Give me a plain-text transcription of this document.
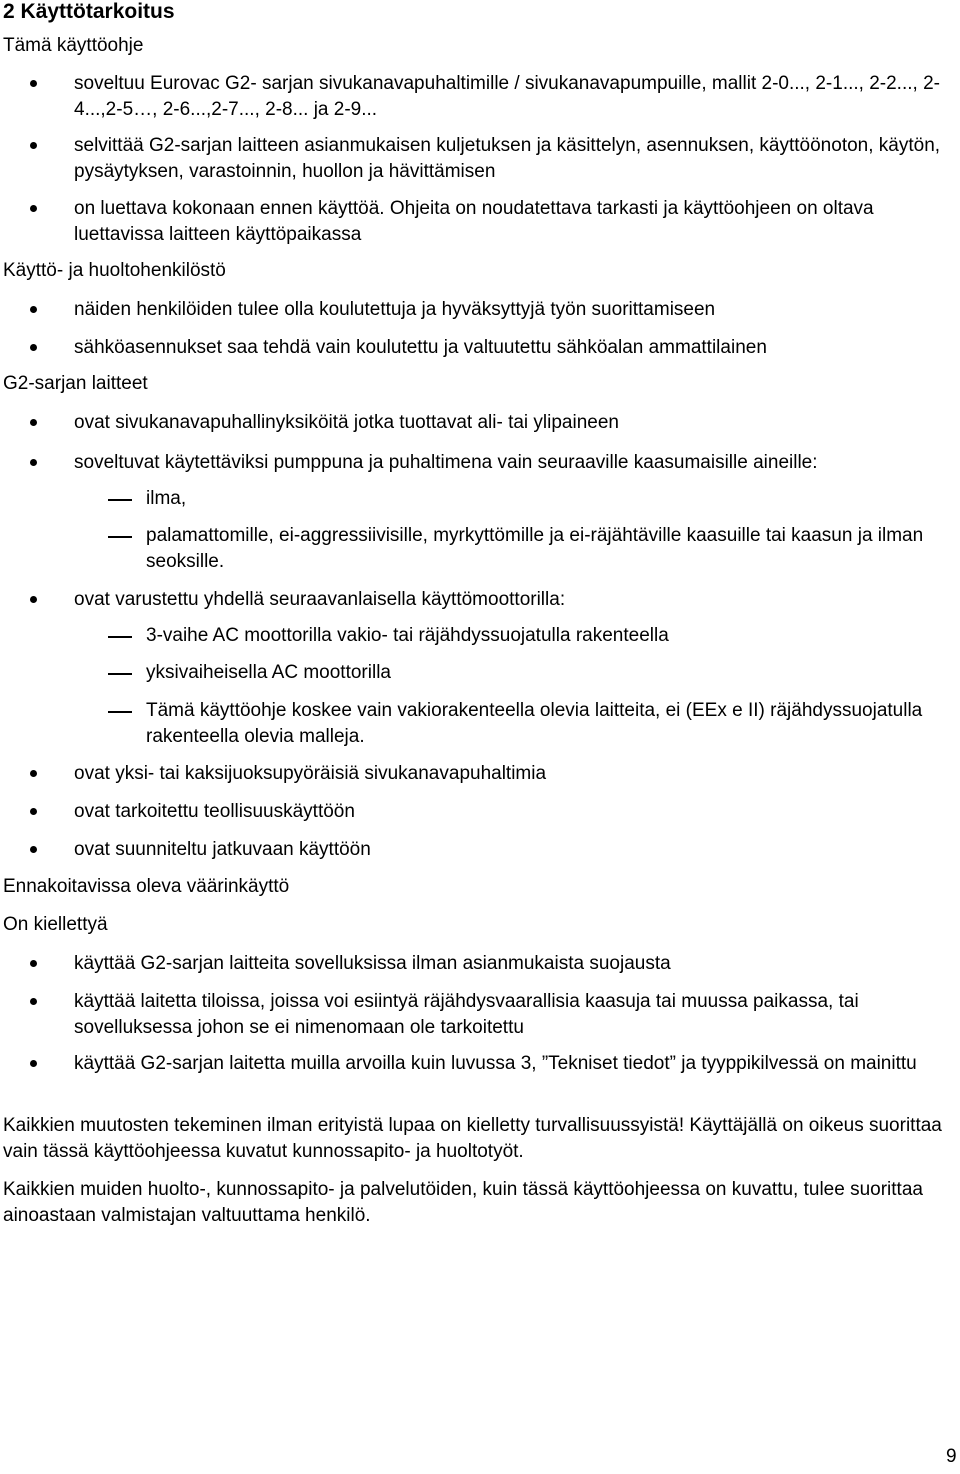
2 Käyttötarkoitus

Tämä käyttöohje

soveltuu Eurovac G2- sarjan sivukanavapuhaltimille / sivukanavapumpuille, mallit 2-0..., 2-1..., 2-2..., 2-4...,2-5…, 2-6...,2-7..., 2-8... ja 2-9...

selvittää G2-sarjan laitteen asianmukaisen kuljetuksen ja käsittelyn, asennuksen, käyttöönoton, käytön, pysäytyksen, varastoinnin, huollon ja hävittämisen

on luettava kokonaan ennen käyttöä. Ohjeita on noudatettava tarkasti ja käyttöohjeen on oltava luettavissa laitteen käyttöpaikassa

Käyttö- ja huoltohenkilöstö

näiden henkilöiden tulee olla koulutettuja ja hyväksyttyjä työn suorittamiseen

sähköasennukset saa tehdä vain koulutettu ja valtuutettu sähköalan ammattilainen

G2-sarjan laitteet

ovat sivukanavapuhallinyksiköitä jotka tuottavat ali- tai ylipaineen

soveltuvat käytettäviksi pumppuna ja puhaltimena vain seuraaville kaasumaisille aineille:

ilma,

palamattomille, ei-aggressiivisille, myrkyttömille ja ei-räjähtäville kaasuille tai kaasun ja ilman seoksille.

ovat varustettu yhdellä seuraavanlaisella käyttömoottorilla:

3-vaihe AC moottorilla vakio- tai räjähdyssuojatulla rakenteella

yksivaiheisella AC moottorilla

Tämä käyttöohje koskee vain vakiorakenteella olevia laitteita, ei (EEx e II) räjähdyssuojatulla rakenteella olevia malleja.

ovat yksi- tai kaksijuoksupyöräisiä sivukanavapuhaltimia

ovat tarkoitettu teollisuuskäyttöön

ovat suunniteltu jatkuvaan käyttöön

Ennakoitavissa oleva väärinkäyttö

On kiellettyä

käyttää G2-sarjan laitteita sovelluksissa ilman asianmukaista suojausta

käyttää laitetta tiloissa, joissa voi esiintyä räjähdysvaarallisia kaasuja tai muussa paikassa, tai sovelluksessa johon se ei nimenomaan ole tarkoitettu

käyttää G2-sarjan laitetta muilla arvoilla kuin luvussa 3, ”Tekniset tiedot” ja tyyppikilvessä on mainittu

Kaikkien muutosten tekeminen ilman erityistä lupaa on kielletty turvallisuussyistä! Käyttäjällä on oikeus suorittaa vain tässä käyttöohjeessa kuvatut kunnossapito- ja huoltotyöt.

Kaikkien muiden huolto-, kunnossapito- ja palvelutöiden, kuin tässä käyttöohjeessa on kuvattu, tulee suorittaa ainoastaan valmistajan valtuuttama henkilö.

9
